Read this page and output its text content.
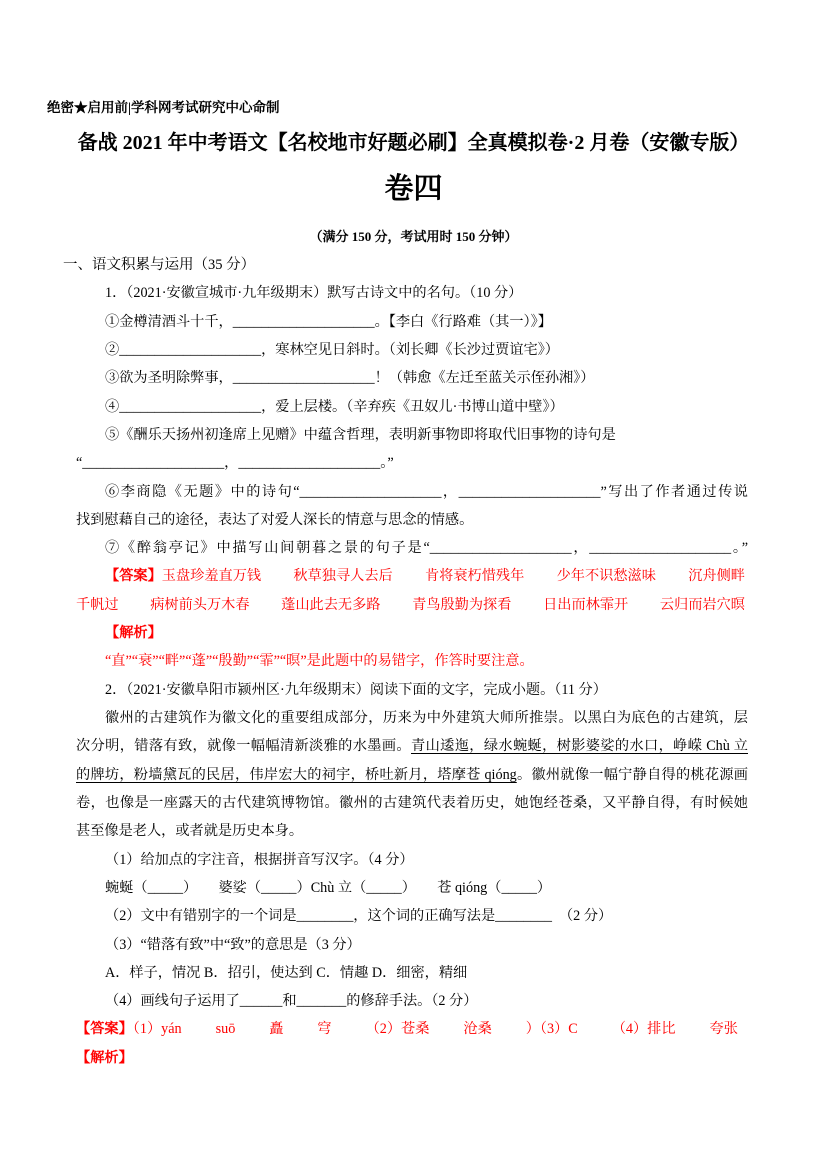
绝密★启用前|学科网考试研究中心命制
备战 2021 年中考语文【名校地市好题必刷】全真模拟卷·2 月卷（安徽专版）
卷四
（满分 150 分，考试用时 150 分钟）
一、语文积累与运用（35 分）
1．（2021·安徽宣城市·九年级期末）默写古诗文中的名句。（10 分）
①金樽清酒斗十千，____________________。【李白《行路难（其一）》】
②____________________，寒林空见日斜时。（刘长卿《长沙过贾谊宅》）
③欲为圣明除弊事，____________________！（韩愈《左迁至蓝关示侄孙湘》）
④____________________，爱上层楼。（辛弃疾《丑奴儿·书博山道中壁》）
⑤《酬乐天扬州初逢席上见赠》中蕴含哲理，表明新事物即将取代旧事物的诗句是
“____________________，____________________。”
⑥李商隐《无题》中的诗句“____________________，____________________”写出了作者通过传说
找到慰藉自己的途径，表达了对爱人深长的情意与思念的情感。
⑦《醉翁亭记》中描写山间朝暮之景的句子是“____________________，____________________。”
【答案】玉盘珍羞直万钱 秋草独寻人去后 肯将衰朽惜残年 少年不识愁滋味 沉舟侧畔
千帆过 病树前头万木春 蓬山此去无多路 青鸟殷勤为探看 日出而林霏开 云归而岩穴暝
【解析】
“直”“衰”“畔”“蓬”“殷勤”“霏”“暝”是此题中的易错字，作答时要注意。
2．（2021·安徽阜阳市颍州区·九年级期末）阅读下面的文字，完成小题。（11 分）
徽州的古建筑作为徽文化的重要组成部分，历来为中外建筑大师所推崇。以黑白为底色的古建筑，层
次分明，错落有致，就像一幅幅清新淡雅的水墨画。青山逶迤，绿水蜿蜒，树影婆娑的水口，峥嵘 Chù 立
的牌坊，粉墙黛瓦的民居，伟岸宏大的祠宇，桥吐新月，塔摩苍 qióng。徽州就像一幅宁静自得的桃花源画
卷，也像是一座露天的古代建筑博物馆。徽州的古建筑代表着历史，她饱经苍桑，又平静自得，有时候她
甚至像是老人，或者就是历史本身。
（1）给加点的字注音，根据拼音写汉字。（4 分）
蜿蜒（_____）　　婆娑（_____）Chù 立（_____）　　苍 qióng（_____）
（2）文中有错别字的一个词是________，这个词的正确写法是________　（2 分）
（3）“错落有致”中“致”的意思是（3 分）
A．样子，情况 B．招引，使达到 C．情趣 D．细密，精细
（4）画线句子运用了______和_______的修辞手法。（2 分）
【答案】（1）yán suō 矗 穹 （2）苍桑 沧桑 ）（3）C （4）排比 夸张
【解析】
